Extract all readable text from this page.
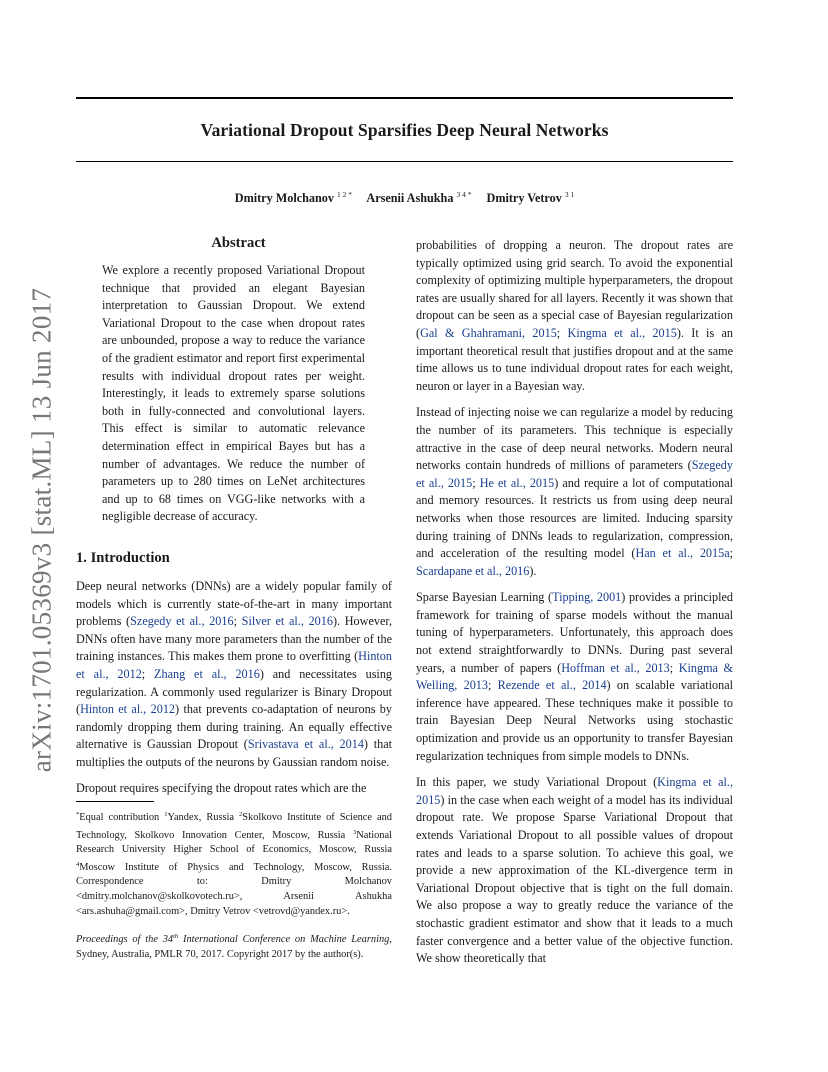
arXiv:1701.05369v3 [stat.ML] 13 Jun 2017
Variational Dropout Sparsifies Deep Neural Networks
Dmitry Molchanov $^{1 2 *}$ Arsenii Ashukha $^{3 4 *}$ Dmitry Vetrov $^{3 1}$
Abstract

We explore a recently proposed Variational Dropout technique that provided an elegant Bayesian interpretation to Gaussian Dropout. We extend Variational Dropout to the case when dropout rates are unbounded, propose a way to reduce the variance of the gradient estimator and report first experimental results with individual dropout rates per weight. Interestingly, it leads to extremely sparse solutions both in fully-connected and convolutional layers. This effect is similar to automatic relevance determination effect in empirical Bayes but has a number of advantages. We reduce the number of parameters up to 280 times on LeNet architectures and up to 68 times on VGG-like networks with a negligible decrease of accuracy.

1. Introduction

Deep neural networks (DNNs) are a widely popular family of models which is currently state-of-the-art in many important problems (Szegedy et al., 2016; Silver et al., 2016). However, DNNs often have many more parameters than the number of the training instances. This makes them prone to overfitting (Hinton et al., 2012; Zhang et al., 2016) and necessitates using regularization. A commonly used regularizer is Binary Dropout (Hinton et al., 2012) that prevents co-adaptation of neurons by randomly dropping them during training. An equally effective alternative is Gaussian Dropout (Srivastava et al., 2014) that multiplies the outputs of the neurons by Gaussian random noise.

Dropout requires specifying the dropout rates which are the

*Equal contribution $^1$Yandex, Russia $^2$Skolkovo Institute of Science and Technology, Skolkovo Innovation Center, Moscow, Russia $^3$National Research University Higher School of Economics, Moscow, Russia $^4$Moscow Institute of Physics and Technology, Moscow, Russia. Correspondence to: Dmitry Molchanov <dmitry.molchanov@skolkovotech.ru>, Arsenii Ashukha <ars.ashuha@gmail.com>, Dmitry Vetrov <vetrovd@yandex.ru>.
Proceedings of the 34th International Conference on Machine Learning, Sydney, Australia, PMLR 70, 2017. Copyright 2017 by the author(s).

probabilities of dropping a neuron. The dropout rates are typically optimized using grid search. To avoid the exponential complexity of optimizing multiple hyperparameters, the dropout rates are usually shared for all layers. Recently it was shown that dropout can be seen as a special case of Bayesian regularization (Gal & Ghahramani, 2015; Kingma et al., 2015). It is an important theoretical result that justifies dropout and at the same time allows us to tune individual dropout rates for each weight, neuron or layer in a Bayesian way.

Instead of injecting noise we can regularize a model by reducing the number of its parameters. This technique is especially attractive in the case of deep neural networks. Modern neural networks contain hundreds of millions of parameters (Szegedy et al., 2015; He et al., 2015) and require a lot of computational and memory resources. It restricts us from using deep neural networks when those resources are limited. Inducing sparsity during training of DNNs leads to regularization, compression, and acceleration of the resulting model (Han et al., 2015a; Scardapane et al., 2016).

Sparse Bayesian Learning (Tipping, 2001) provides a principled framework for training of sparse models without the manual tuning of hyperparameters. Unfortunately, this approach does not extend straightforwardly to DNNs. During past several years, a number of papers (Hoffman et al., 2013; Kingma & Welling, 2013; Rezende et al., 2014) on scalable variational inference have appeared. These techniques make it possible to train Bayesian Deep Neural Networks using stochastic optimization and provide us an opportunity to transfer Bayesian regularization techniques from simple models to DNNs.

In this paper, we study Variational Dropout (Kingma et al., 2015) in the case when each weight of a model has its individual dropout rate. We propose Sparse Variational Dropout that extends Variational Dropout to all possible values of dropout rates and leads to a sparse solution. To achieve this goal, we provide a new approximation of the KL-divergence term in Variational Dropout objective that is tight on the full domain. We also propose a way to greatly reduce the variance of the stochastic gradient estimator and show that it leads to a much faster convergence and a better value of the objective function. We show theoretically that
